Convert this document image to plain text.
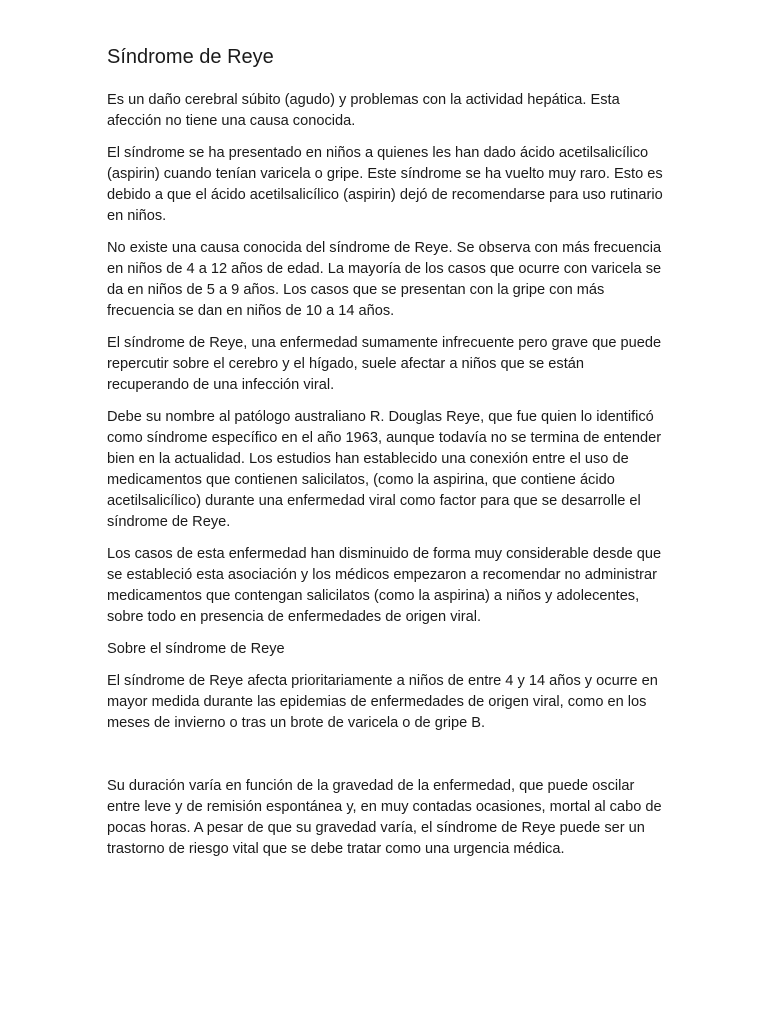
Síndrome de Reye

Es un daño cerebral súbito (agudo) y problemas con la actividad hepática. Esta afección no tiene una causa conocida.

El síndrome se ha presentado en niños a quienes les han dado ácido acetilsalicílico (aspirin) cuando tenían varicela o gripe. Este síndrome se ha vuelto muy raro. Esto es debido a que el ácido acetilsalicílico (aspirin) dejó de recomendarse para uso rutinario en niños.

No existe una causa conocida del síndrome de Reye. Se observa con más frecuencia en niños de 4 a 12 años de edad. La mayoría de los casos que ocurre con varicela se da en niños de 5 a 9 años. Los casos que se presentan con la gripe con más frecuencia se dan en niños de 10 a 14 años.

El síndrome de Reye, una enfermedad sumamente infrecuente pero grave que puede repercutir sobre el cerebro y el hígado, suele afectar a niños que se están recuperando de una infección viral.

Debe su nombre al patólogo australiano R. Douglas Reye, que fue quien lo identificó como síndrome específico en el año 1963, aunque todavía no se termina de entender bien en la actualidad. Los estudios han establecido una conexión entre el uso de medicamentos que contienen salicilatos, (como la aspirina, que contiene ácido acetilsalicílico) durante una enfermedad viral como factor para que se desarrolle el síndrome de Reye.

Los casos de esta enfermedad han disminuido de forma muy considerable desde que se estableció esta asociación y los médicos empezaron a recomendar no administrar medicamentos que contengan salicilatos (como la aspirina) a niños y adolecentes, sobre todo en presencia de enfermedades de origen viral.

Sobre el síndrome de Reye

El síndrome de Reye afecta prioritariamente a niños de entre 4 y 14 años y ocurre en mayor medida durante las epidemias de enfermedades de origen viral, como en los meses de invierno o tras un brote de varicela o de gripe B.

Su duración varía en función de la gravedad de la enfermedad, que puede oscilar entre leve y de remisión espontánea y, en muy contadas ocasiones, mortal al cabo de pocas horas. A pesar de que su gravedad varía, el síndrome de Reye puede ser un trastorno de riesgo vital que se debe tratar como una urgencia médica.
